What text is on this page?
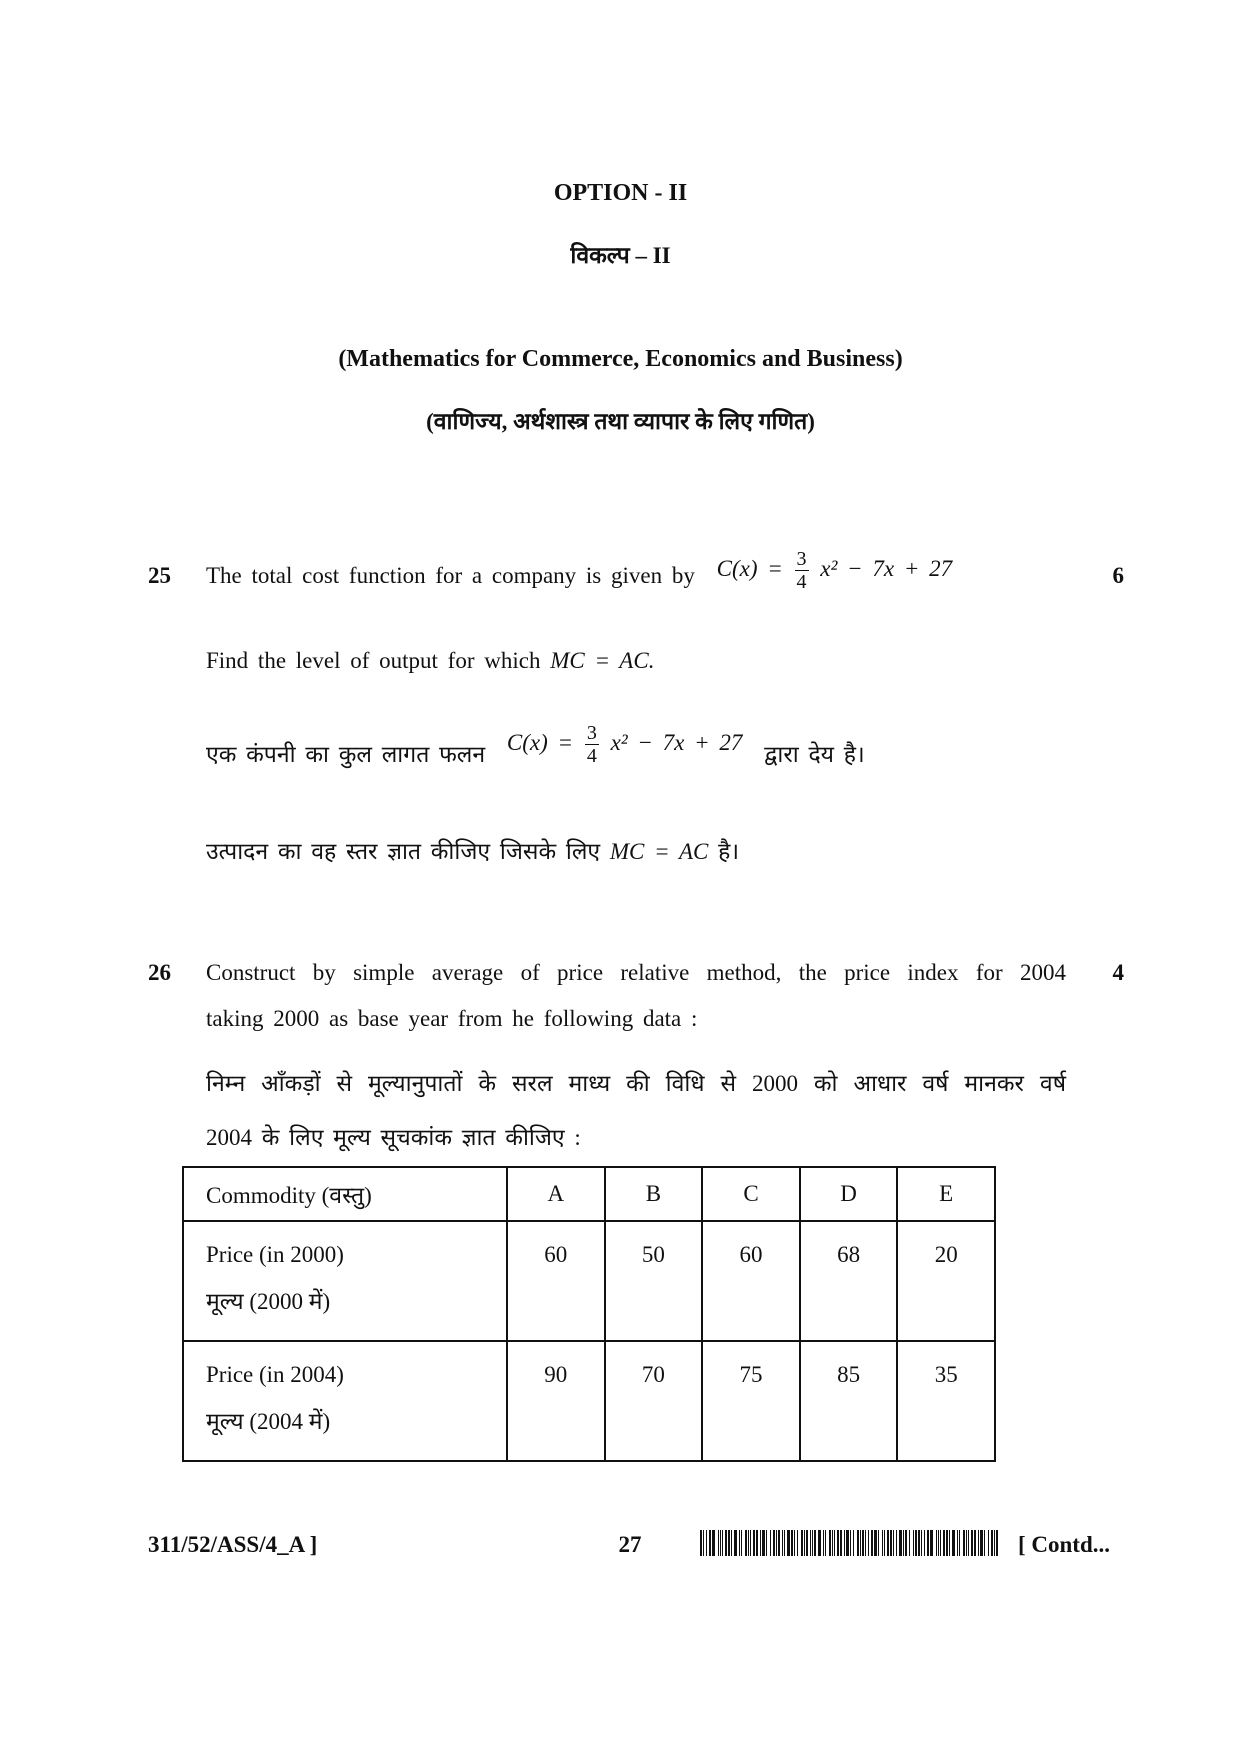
OPTION - II
विकल्प – II
(Mathematics for Commerce, Economics and Business)
(वाणिज्य, अर्थशास्त्र तथा व्यापार के लिए गणित)
25	6
The total cost function for a company is given by $C(x) = \frac{3}{4} x^2 - 7x + 27$
Find the level of output for which MC = AC.
एक कंपनी का कुल लागत फलन $C(x) = \frac{3}{4} x^2 - 7x + 27$ द्वारा देय है।
उत्पादन का वह स्तर ज्ञात कीजिए जिसके लिए MC = AC है।
26	4
Construct by simple average of price relative method, the price index for 2004
taking 2000 as base year from he following data :
निम्न आँकड़ों से मूल्यानुपातों के सरल माध्य की विधि से 2000 को आधार वर्ष मानकर वर्ष
2004 के लिए मूल्य सूचकांक ज्ञात कीजिए :
Commodity (वस्तु)	A	B	C	D	E
Price (in 2000)
मूल्य (2000 में)	60	50	60	68	20
Price (in 2004)
मूल्य (2004 में)	90	70	75	85	35
311/52/ASS/4_A ]	27	[ Contd...
